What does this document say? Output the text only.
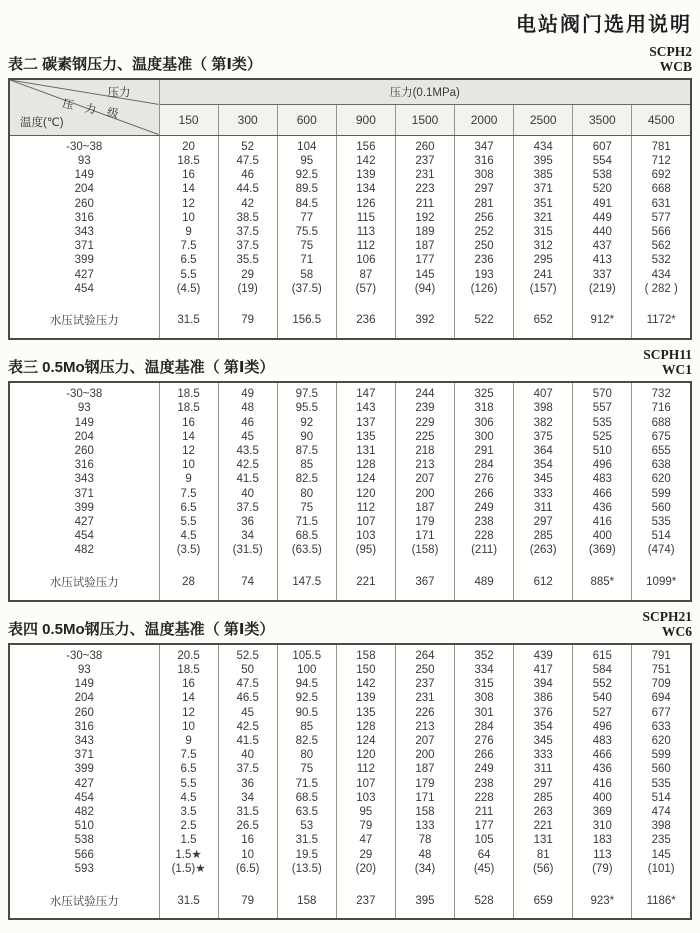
电站阀门选用说明
表二 碳素钢压力、温度基准（ 第Ⅰ类）
SCPH2
WCB
压力
压 力 级
温度(℃)	压力(0.1MPa)								
	150	300	600	900	1500	2000	2500	3500	4500
-30~38	20	52	104	156	260	347	434	607	781
93	18.5	47.5	95	142	237	316	395	554	712
149	16	46	92.5	139	231	308	385	538	692
204	14	44.5	89.5	134	223	297	371	520	668
260	12	42	84.5	126	211	281	351	491	631
316	10	38.5	77	115	192	256	321	449	577
343	9	37.5	75.5	113	189	252	315	440	566
371	7.5	37.5	75	112	187	250	312	437	562
399	6.5	35.5	71	106	177	236	295	413	532
427	5.5	29	58	87	145	193	241	337	434
454	(4.5)	(19)	(37.5)	(57)	(94)	(126)	(157)	(219)	( 282 )

水压试验压力	31.5	79	156.5	236	392	522	652	912*	1172*
表三 0.5Mo钢压力、温度基准（ 第Ⅰ类）
SCPH11
WC1
-30~38	18.5	49	97.5	147	244	325	407	570	732
93	18.5	48	95.5	143	239	318	398	557	716
149	16	46	92	137	229	306	382	535	688
204	14	45	90	135	225	300	375	525	675
260	12	43.5	87.5	131	218	291	364	510	655
316	10	42.5	85	128	213	284	354	496	638
343	9	41.5	82.5	124	207	276	345	483	620
371	7.5	40	80	120	200	266	333	466	599
399	6.5	37.5	75	112	187	249	311	436	560
427	5.5	36	71.5	107	179	238	297	416	535
454	4.5	34	68.5	103	171	228	285	400	514
482	(3.5)	(31.5)	(63.5)	(95)	(158)	(211)	(263)	(369)	(474)

水压试验压力	28	74	147.5	221	367	489	612	885*	1099*
表四 0.5Mo钢压力、温度基准（ 第Ⅰ类）
SCPH21
WC6
-30~38	20.5	52.5	105.5	158	264	352	439	615	791
93	18.5	50	100	150	250	334	417	584	751
149	16	47.5	94.5	142	237	315	394	552	709
204	14	46.5	92.5	139	231	308	386	540	694
260	12	45	90.5	135	226	301	376	527	677
316	10	42.5	85	128	213	284	354	496	633
343	9	41.5	82.5	124	207	276	345	483	620
371	7.5	40	80	120	200	266	333	466	599
399	6.5	37.5	75	112	187	249	311	436	560
427	5.5	36	71.5	107	179	238	297	416	535
454	4.5	34	68.5	103	171	228	285	400	514
482	3.5	31.5	63.5	95	158	211	263	369	474
510	2.5	26.5	53	79	133	177	221	310	398
538	1.5	16	31.5	47	78	105	131	183	235
566	1.5★	10	19.5	29	48	64	81	113	145
593	(1.5)★	(6.5)	(13.5)	(20)	(34)	(45)	(56)	(79)	(101)

水压试验压力	31.5	79	158	237	395	528	659	923*	1186*
